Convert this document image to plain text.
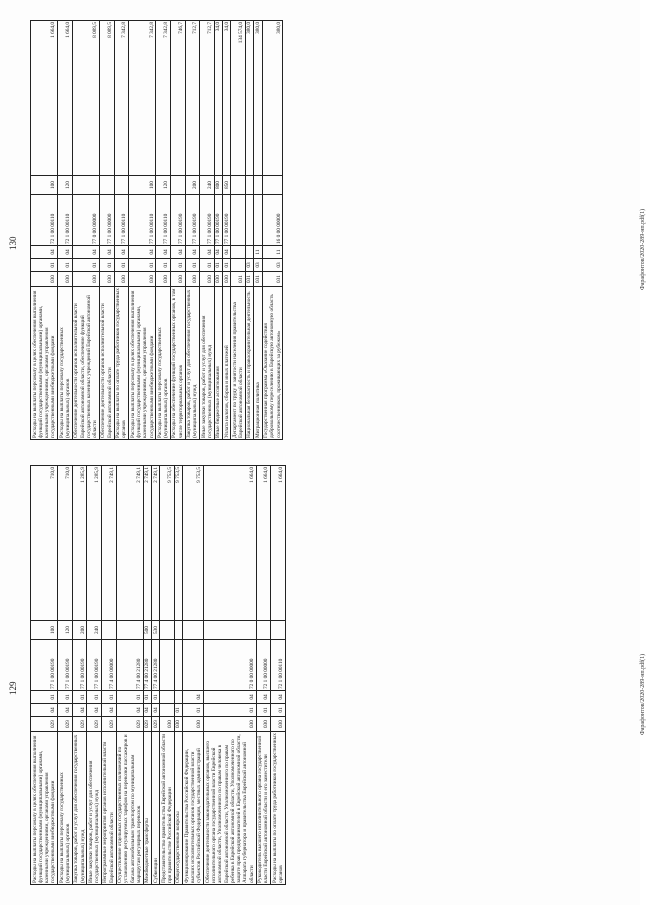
129
Расходы на выплаты персоналу в целях обеспечения выполнения функций государственными (муниципальными) органами, казенными учреждениями, органами управления государственными внебюджетными фондами	029	04	01	77 1 00 00190	100	710,0
Расходы на выплаты персоналу государственных (муниципальных) органов	029	04	01	77 1 00 00190	120	710,0
Закупка товаров, работ и услуг для обеспечения государственных (муниципальных) нужд	029	04	01	77 1 00 00190	200	1 285,9
Иные закупки товаров, работ и услуг для обеспечения государственных (муниципальных) нужд	029	04	01	77 1 00 00190	240	1 285,9
Непрограммные мероприятия органов исполнительной власти Еврейской автономной области	029	04	01	77 4 00 00000		2 749,1
Осуществление отдельных государственных полномочий по установлению регулируемых тарифов на перевозки пассажиров и багажа автомобильным транспортом по муниципальным маршрутам регулярных перевозок	029	04	01	77 4 00 21280		2 749,1
Межбюджетные трансферты	029	04	01	77 4 00 21280	500	2 749,1
Субвенции	029	04	01	77 4 00 21280	530	2 749,1
Представительство правительства Еврейской автономной области при правительстве Российской Федерации	030					9 753,5
Общегосударственные вопросы	030	01				9 753,5
Функционирование Правительства Российской Федерации, высших исполнительных органов государственной власти субъектов Российской Федерации, местных администраций	030	01	04			9 753,5
Обеспечение деятельности законодательных органов, высшего исполнительного органа государственной власти Еврейской автономной области, Уполномоченного по правам человека в Еврейской автономной области, Уполномоченного по правам ребенка в Еврейской автономной области, Уполномоченного по защите прав предпринимателей в Еврейской автономной области, Аппарата губернатора и правительства Еврейской автономной области	030	01	04	72 0 00 00000		1 664,0
Руководитель высшего исполнительного органа государственной власти Еврейской автономной области и его заместители	030	01	04	72 1 00 00000		1 664,0
Расходы на выплаты по оплате труда работников государственных органов	030	01	04	72 1 00 00110		1 664,0
Фарафонтов/2020-289-нп.pdf(1)
130
Расходы на выплаты персоналу в целях обеспечения выполнения функций государственными (муниципальными) органами, казенными учреждениями, органами управления государственными внебюджетными фондами	030	01	04	72 1 00 00110	100	1 664,0
Расходы на выплаты персоналу государственных (муниципальных) органов	030	01	04	72 1 00 00110	120	1 664,0
Обеспечение деятельности органов исполнительной власти Еврейской автономной области, обеспечение функций государственных казенных учреждений Еврейской автономной области	030	01	04	77 0 00 00000		8 089,5
Обеспечение деятельности органов исполнительной власти Еврейской автономной области	030	01	04	77 1 00 00000		8 089,5
Расходы на выплаты по оплате труда работников государственных органов	030	01	04	77 1 00 00110		7 342,8
Расходы на выплаты персоналу в целях обеспечения выполнения функций государственными (муниципальными) органами, казенными учреждениями, органами управления государственными внебюджетными фондами	030	01	04	77 1 00 00110	100	7 342,8
Расходы на выплаты персоналу государственных (муниципальных) органов	030	01	04	77 1 00 00110	120	7 342,8
Расходы на обеспечение функций государственных органов, в том числе территориальных органов	030	01	04	77 1 00 00190		746,7
Закупка товаров, работ и услуг для обеспечения государственных (муниципальных) нужд	030	01	04	77 1 00 00190	200	712,7
Иные закупки товаров, работ и услуг для обеспечения государственных (муниципальных) нужд	030	01	04	77 1 00 00190	240	712,7
Иные бюджетные ассигнования	030	01	04	77 1 00 00190	800	34,0
Уплата налогов, сборов и иных платежей	030	01	04	77 1 00 00190	850	34,0
Департамент по труду и занятости населения правительства Еврейской автономной области	031					134 574,0
Национальная безопасность и правоохранительная деятельность	031	03				380,0
Миграционная политика	031	03	11			380,0
Государственная программа «Оказание содействия добровольному переселению в Еврейскую автономную область соотечественников, проживающих за рубежом»	031	03	11	16 0 00 00000		380,0
Фарафонтов/2020-289-нп.pdf(1)
